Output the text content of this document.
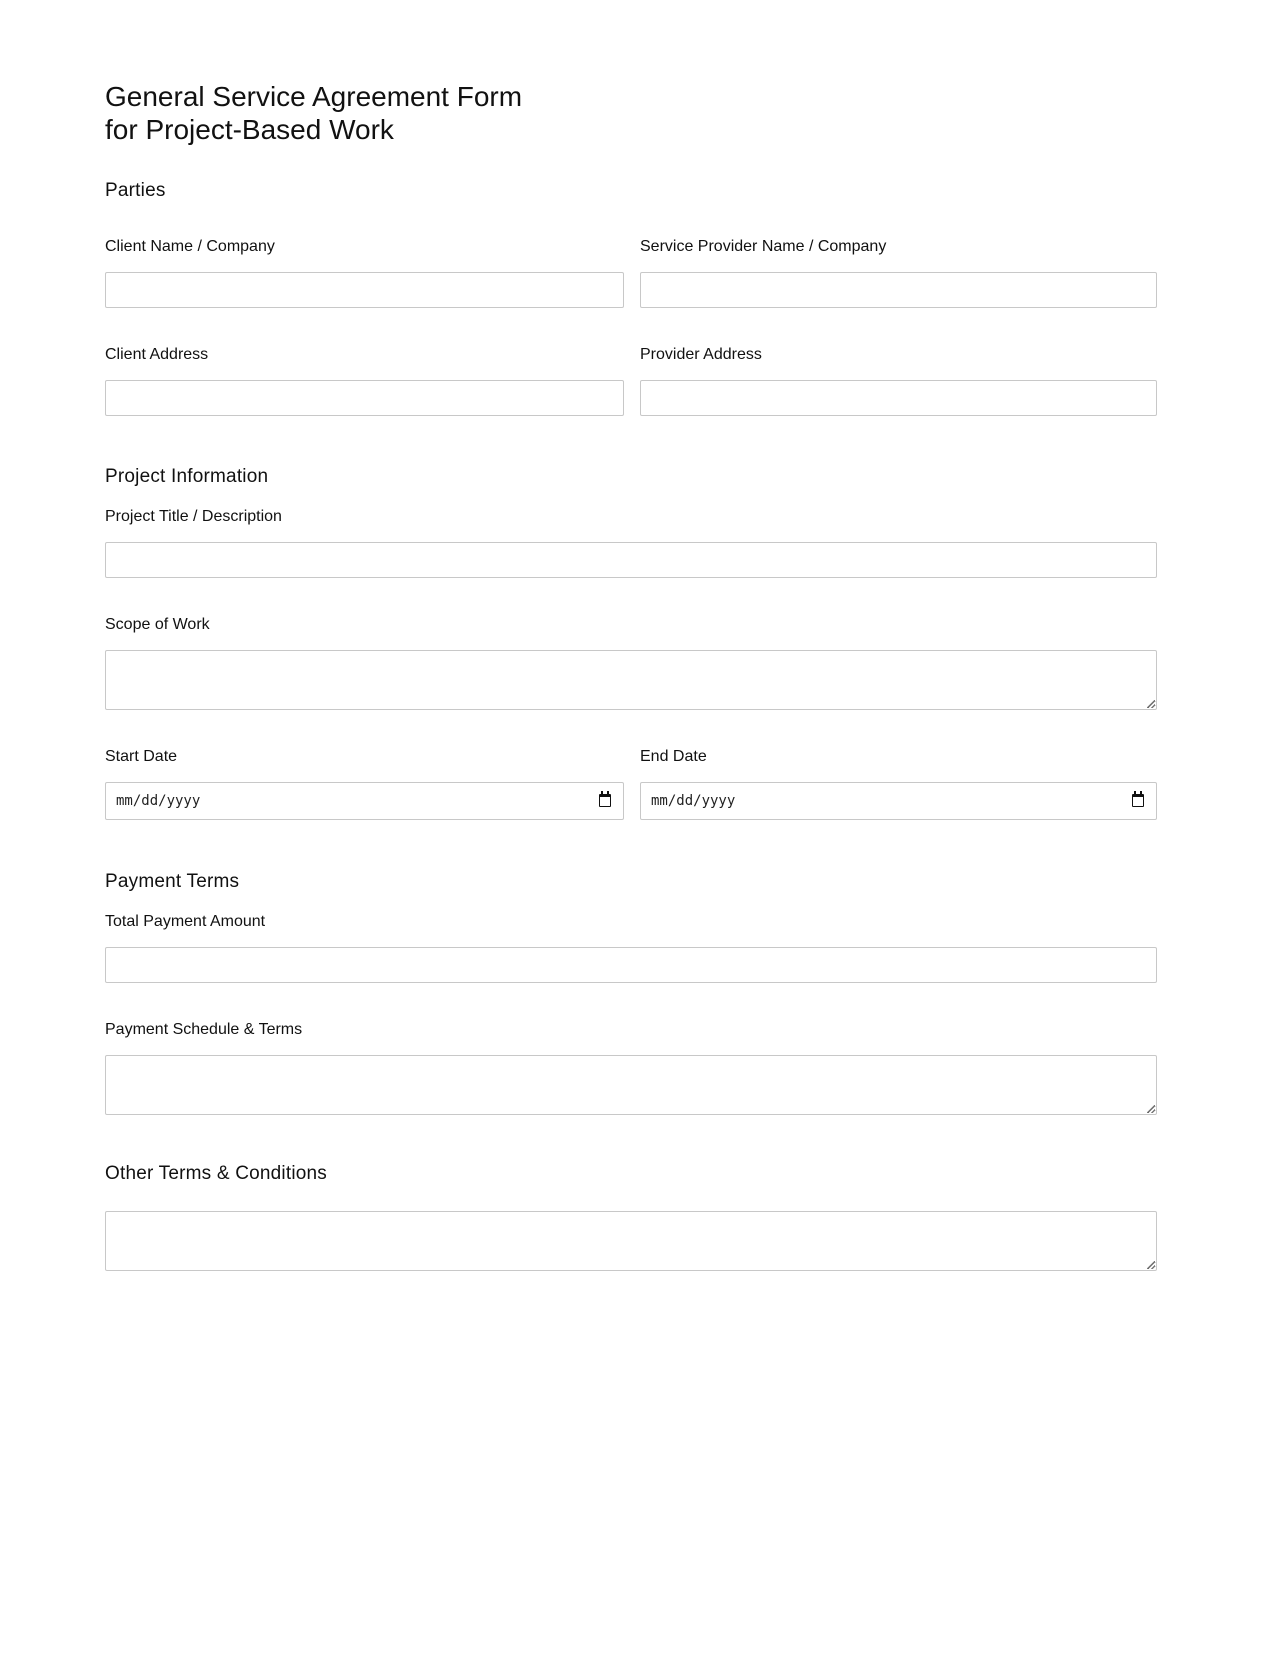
General Service Agreement Form
for Project-Based Work
Parties
Client Name / Company	Service Provider Name / Company
Client Address	Provider Address
Project Information
Project Title / Description
Scope of Work
Start Date
mm/dd/yyyy
End Date
mm/dd/yyyy
Payment Terms
Total Payment Amount
Payment Schedule & Terms
Other Terms & Conditions
